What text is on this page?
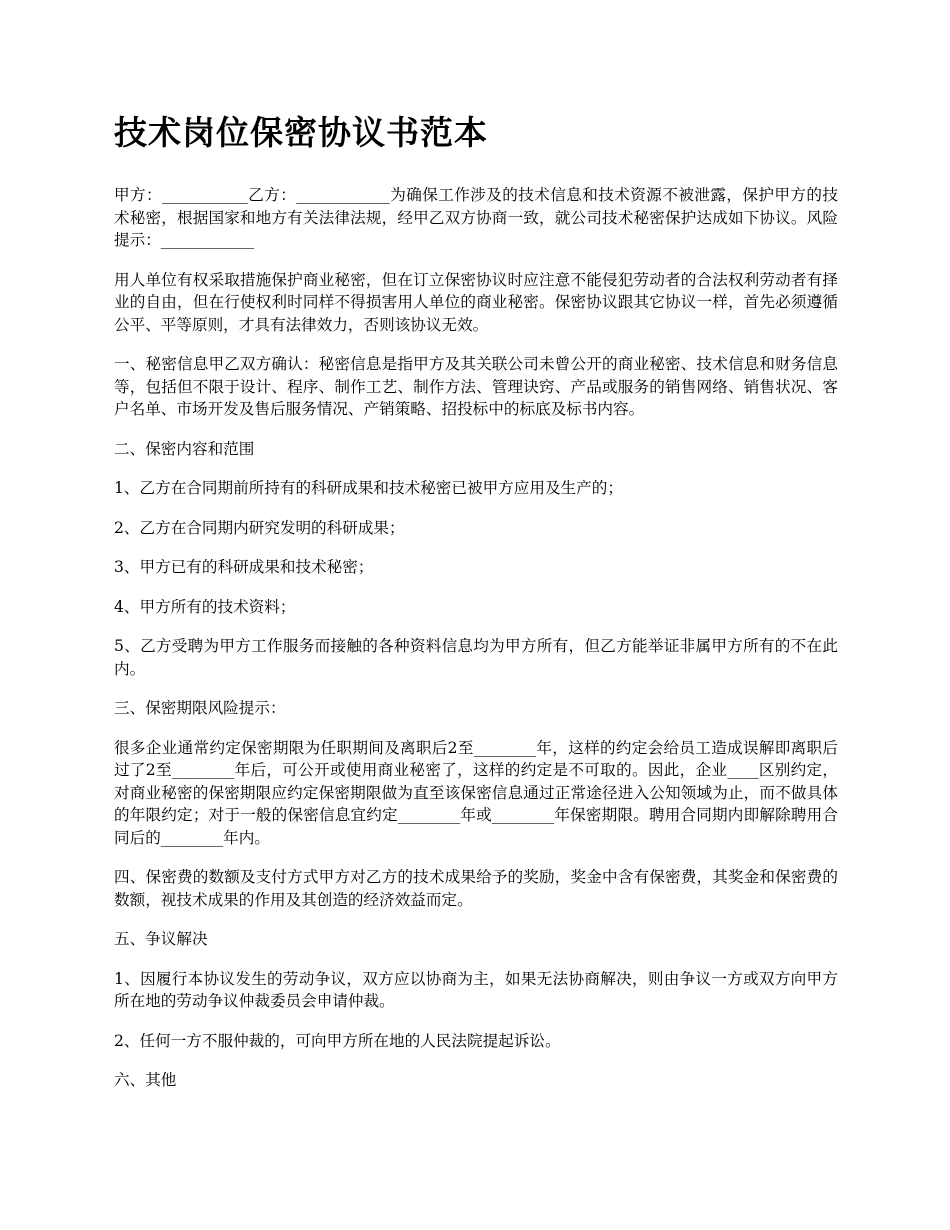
技术岗位保密协议书范本

甲方：___________乙方：____________为确保工作涉及的技术信息和技术资源不被泄露，保护甲方的技术秘密，根据国家和地方有关法律法规，经甲乙双方协商一致，就公司技术秘密保护达成如下协议。风险提示：____________

用人单位有权采取措施保护商业秘密，但在订立保密协议时应注意不能侵犯劳动者的合法权利劳动者有择业的自由，但在行使权利时同样不得损害用人单位的商业秘密。保密协议跟其它协议一样，首先必须遵循公平、平等原则，才具有法律效力，否则该协议无效。

一、秘密信息甲乙双方确认：秘密信息是指甲方及其关联公司未曾公开的商业秘密、技术信息和财务信息等，包括但不限于设计、程序、制作工艺、制作方法、管理诀窍、产品或服务的销售网络、销售状况、客户名单、市场开发及售后服务情况、产销策略、招投标中的标底及标书内容。

二、保密内容和范围

1、乙方在合同期前所持有的科研成果和技术秘密已被甲方应用及生产的；

2、乙方在合同期内研究发明的科研成果；

3、甲方已有的科研成果和技术秘密；

4、甲方所有的技术资料；

5、乙方受聘为甲方工作服务而接触的各种资料信息均为甲方所有，但乙方能举证非属甲方所有的不在此内。

三、保密期限风险提示：

很多企业通常约定保密期限为任职期间及离职后2至________年，这样的约定会给员工造成误解即离职后过了2至________年后，可公开或使用商业秘密了，这样的约定是不可取的。因此，企业____区别约定，对商业秘密的保密期限应约定保密期限做为直至该保密信息通过正常途径进入公知领域为止，而不做具体的年限约定；对于一般的保密信息宜约定________年或________年保密期限。聘用合同期内即解除聘用合同后的________年内。

四、保密费的数额及支付方式甲方对乙方的技术成果给予的奖励，奖金中含有保密费，其奖金和保密费的数额，视技术成果的作用及其创造的经济效益而定。

五、争议解决

1、因履行本协议发生的劳动争议，双方应以协商为主，如果无法协商解决，则由争议一方或双方向甲方所在地的劳动争议仲裁委员会申请仲裁。

2、任何一方不服仲裁的，可向甲方所在地的人民法院提起诉讼。

六、其他
